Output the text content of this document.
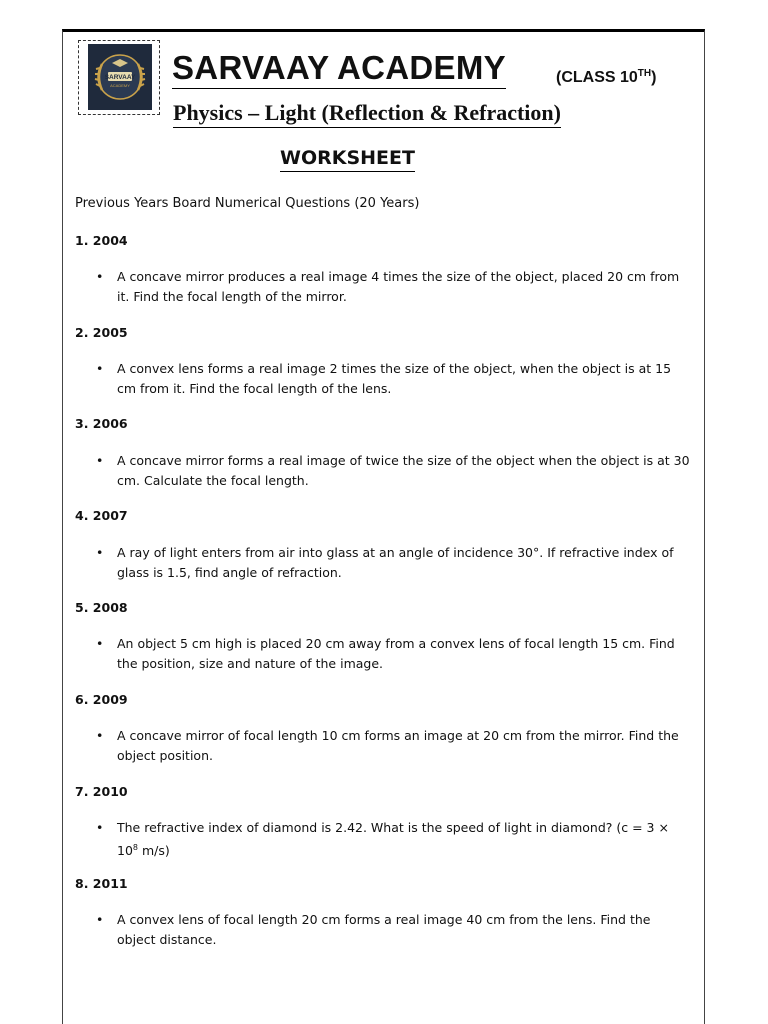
SARVAAY
ACADEMY SARVAAY ACADEMY	(CLASS 10TH)
Physics – Light (Reflection & Refraction)
WORKSHEET
Previous Years Board Numerical Questions (20 Years)
1. 2004
•	A concave mirror produces a real image 4 times the size of the object, placed 20 cm from it. Find the focal length of the mirror.
2. 2005
•	A convex lens forms a real image 2 times the size of the object, when the object is at 15 cm from it. Find the focal length of the lens.
3. 2006
•	A concave mirror forms a real image of twice the size of the object when the object is at 30 cm. Calculate the focal length.
4. 2007
•	A ray of light enters from air into glass at an angle of incidence 30°. If refractive index of glass is 1.5, find angle of refraction.
5. 2008
•	An object 5 cm high is placed 20 cm away from a convex lens of focal length 15 cm. Find the position, size and nature of the image.
6. 2009
•	A concave mirror of focal length 10 cm forms an image at 20 cm from the mirror. Find the object position.
7. 2010
•	The refractive index of diamond is 2.42. What is the speed of light in diamond? ($c = 3 \times 10^8$ m/s)
8. 2011
•	A convex lens of focal length 20 cm forms a real image 40 cm from the lens. Find the object distance.
